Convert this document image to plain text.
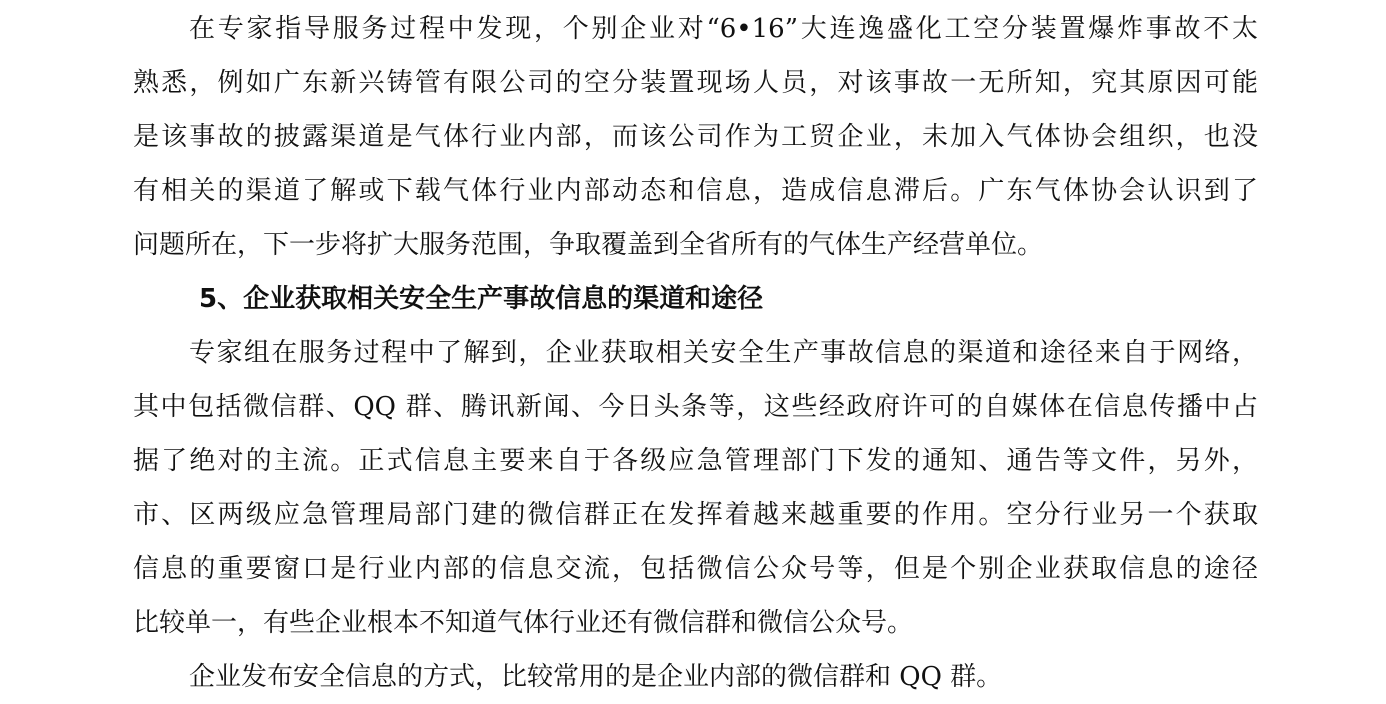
在专家指导服务过程中发现，个别企业对“6•16”大连逸盛化工空分装置爆炸事故不太
熟悉，例如广东新兴铸管有限公司的空分装置现场人员，对该事故一无所知，究其原因可能
是该事故的披露渠道是气体行业内部，而该公司作为工贸企业，未加入气体协会组织，也没
有相关的渠道了解或下载气体行业内部动态和信息，造成信息滞后。广东气体协会认识到了
问题所在，下一步将扩大服务范围，争取覆盖到全省所有的气体生产经营单位。
5、企业获取相关安全生产事故信息的渠道和途径
专家组在服务过程中了解到，企业获取相关安全生产事故信息的渠道和途径来自于网络，
其中包括微信群、QQ 群、腾讯新闻、今日头条等，这些经政府许可的自媒体在信息传播中占
据了绝对的主流。正式信息主要来自于各级应急管理部门下发的通知、通告等文件，另外，
市、区两级应急管理局部门建的微信群正在发挥着越来越重要的作用。空分行业另一个获取
信息的重要窗口是行业内部的信息交流，包括微信公众号等，但是个别企业获取信息的途径
比较单一，有些企业根本不知道气体行业还有微信群和微信公众号。
企业发布安全信息的方式，比较常用的是企业内部的微信群和 QQ 群。
